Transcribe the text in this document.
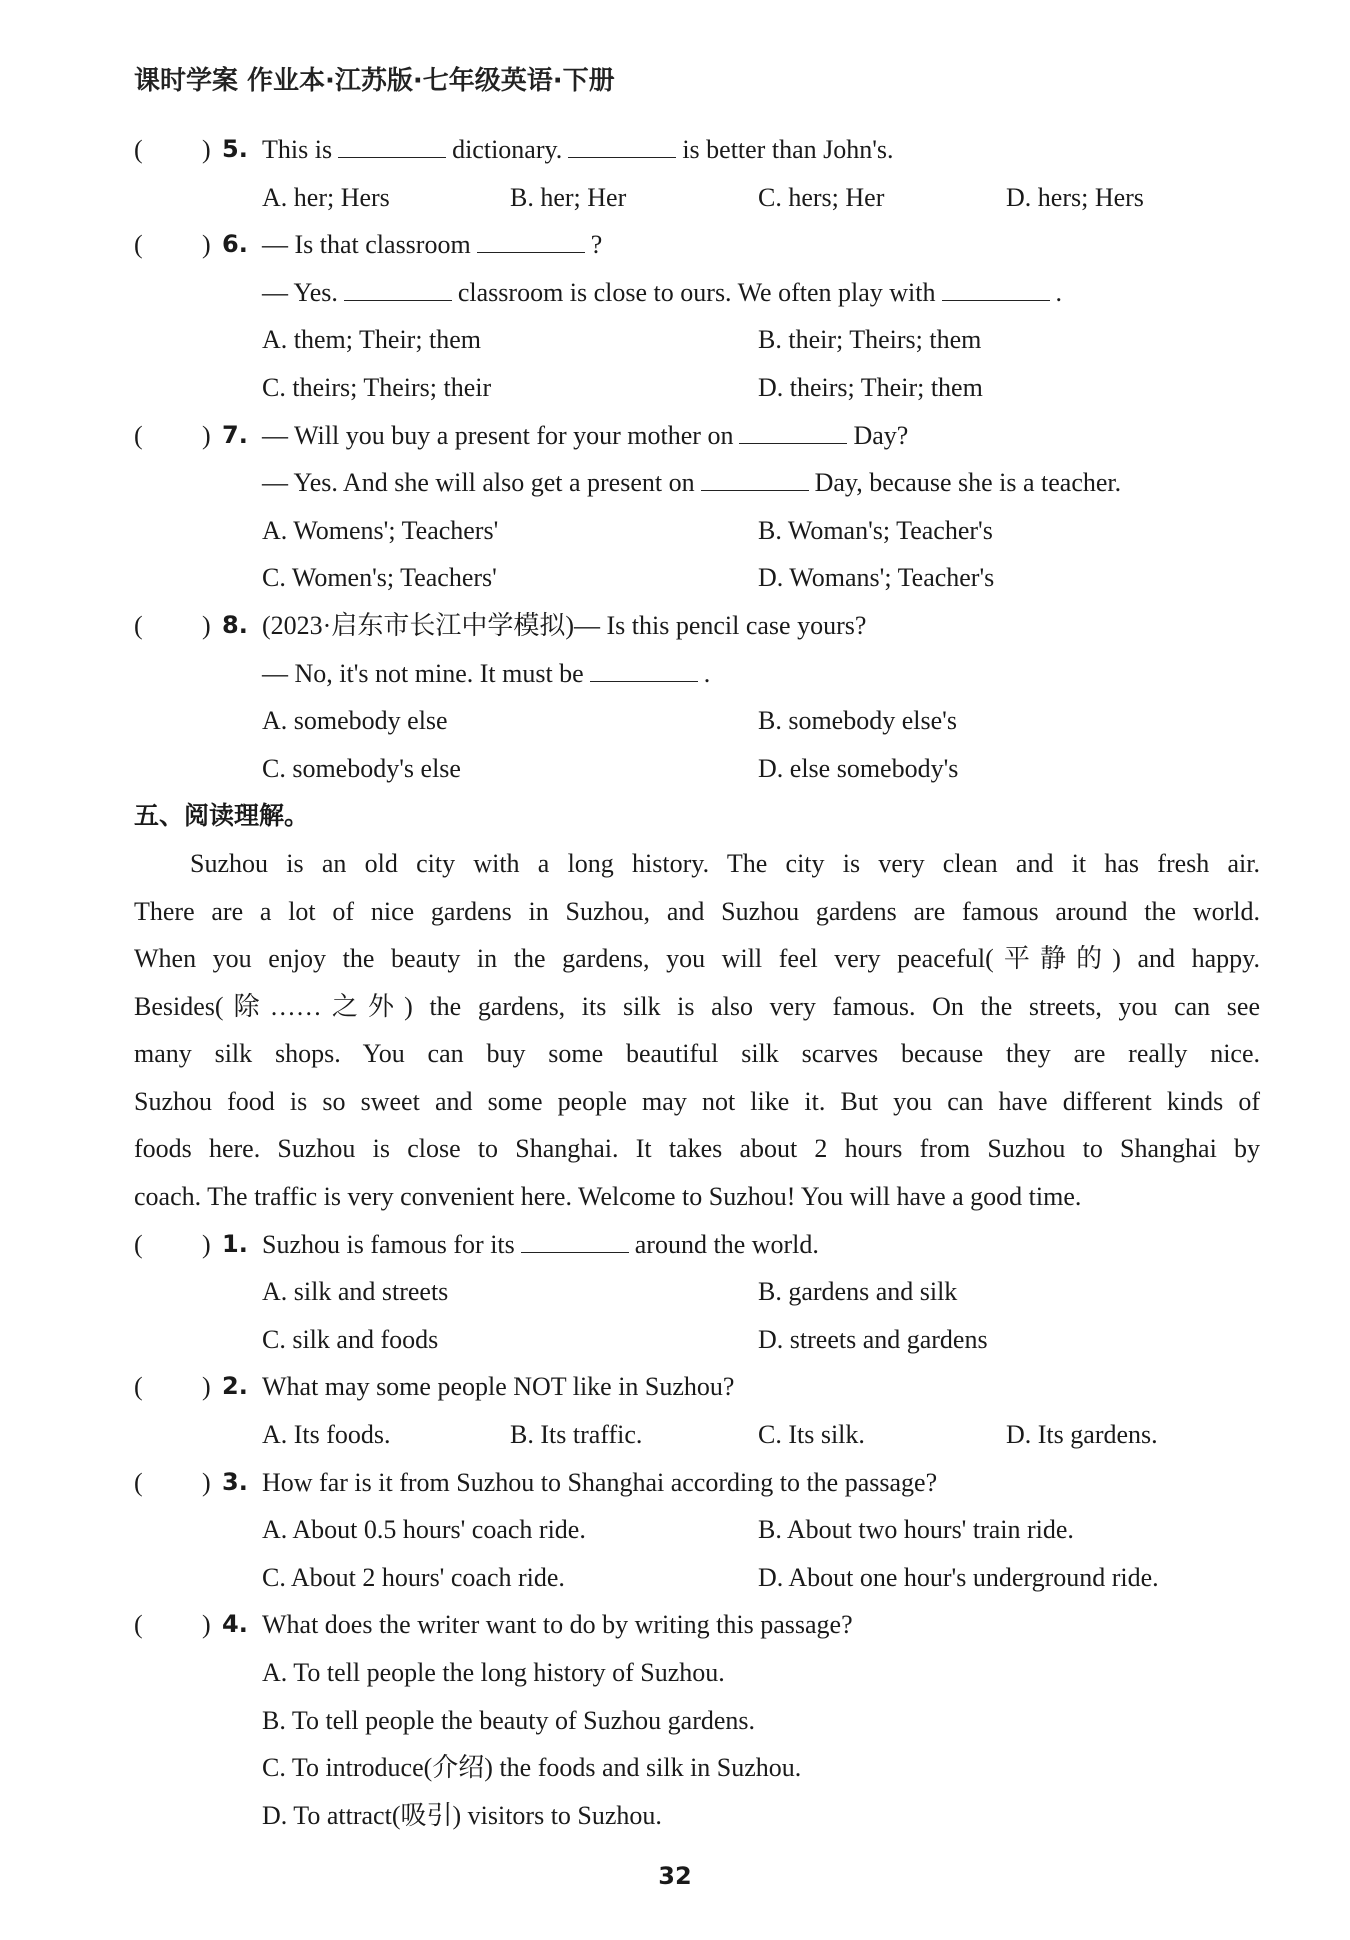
课时学案 作业本·江苏版·七年级英语·下册
( ) 5. This is	dictionary.	is better than John's.
A. her; Hers	B. her; Her	C. hers; Her	D. hers; Hers
( ) 6. — Is that classroom	?
— Yes.	classroom is close to ours. We often play with	.
A. them; Their; them	B. their; Theirs; them
C. theirs; Theirs; their	D. theirs; Their; them
( ) 7. — Will you buy a present for your mother on	Day?
— Yes. And she will also get a present on	Day, because she is a teacher.
A. Womens'; Teachers'	B. Woman's; Teacher's
C. Women's; Teachers'	D. Womans'; Teacher's
( ) 8. (2023·启东市长江中学模拟)— Is this pencil case yours?
— No, it's not mine. It must be	.
A. somebody else	B. somebody else's
C. somebody's else	D. else somebody's
五、阅读理解。

Suzhou is an old city with a long history. The city is very clean and it has fresh air.

There are a lot of nice gardens in Suzhou, and Suzhou gardens are famous around the world.

When you enjoy the beauty in the gardens, you will feel very peaceful(平静的) and happy.

Besides(除……之外) the gardens, its silk is also very famous. On the streets, you can see

many silk shops. You can buy some beautiful silk scarves because they are really nice.

Suzhou food is so sweet and some people may not like it. But you can have different kinds of

foods here. Suzhou is close to Shanghai. It takes about 2 hours from Suzhou to Shanghai by

coach. The traffic is very convenient here. Welcome to Suzhou! You will have a good time.

( ) 1. Suzhou is famous for its	around the world.
A. silk and streets	B. gardens and silk
C. silk and foods	D. streets and gardens
( ) 2. What may some people NOT like in Suzhou?
A. Its foods.	B. Its traffic.	C. Its silk.	D. Its gardens.
( ) 3. How far is it from Suzhou to Shanghai according to the passage?
A. About 0.5 hours' coach ride.	B. About two hours' train ride.
C. About 2 hours' coach ride.	D. About one hour's underground ride.
( ) 4. What does the writer want to do by writing this passage?
A. To tell people the long history of Suzhou.
B. To tell people the beauty of Suzhou gardens.
C. To introduce(介绍) the foods and silk in Suzhou.
D. To attract(吸引) visitors to Suzhou.
32
